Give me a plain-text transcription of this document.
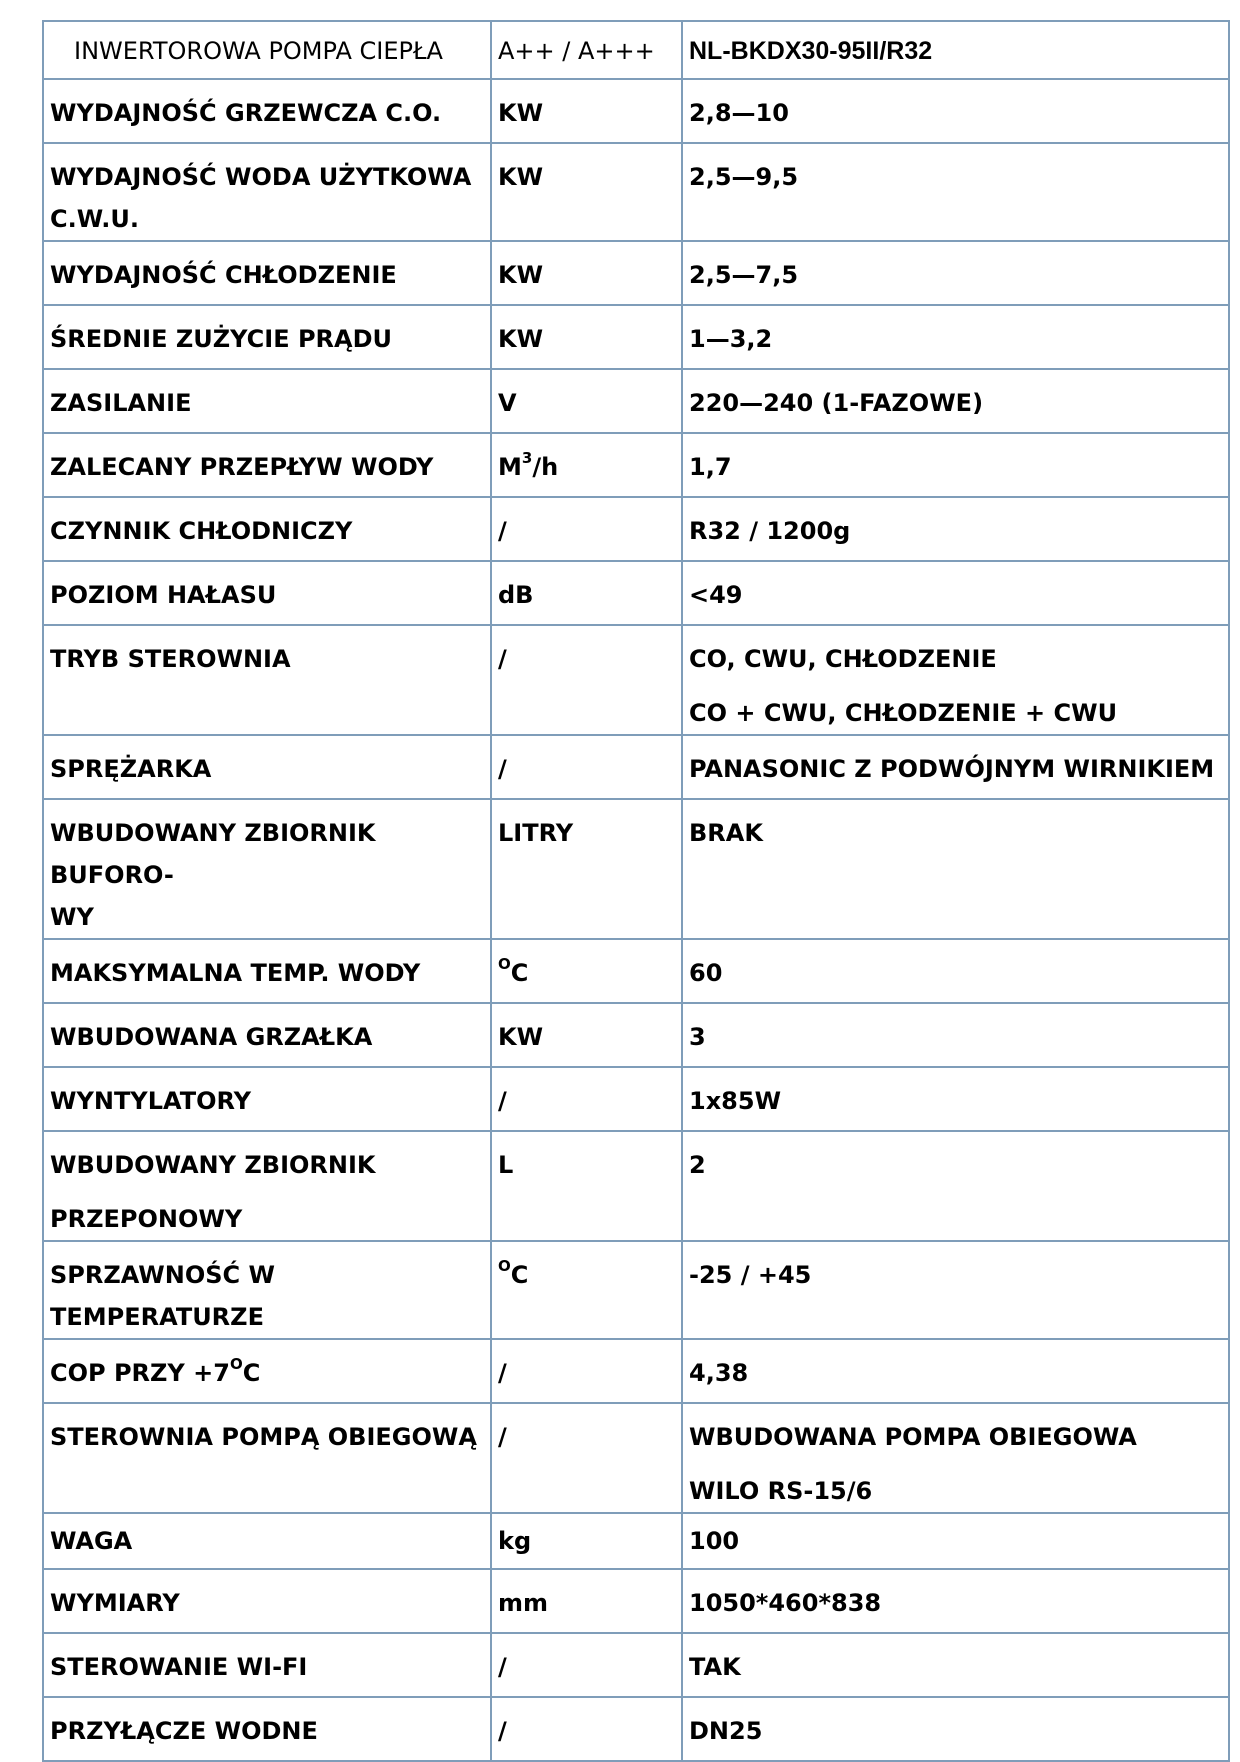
INWERTOROWA POMPA CIEPŁA	A++ / A+++	NL-BKDX30-95II/R32
WYDAJNOŚĆ GRZEWCZA C.O.	KW	2,8—10

WYDAJNOŚĆ WODA UŻYTKOWA
C.W.U.	KW	2,5—9,5
WYDAJNOŚĆ CHŁODZENIE	KW	2,5—7,5
ŚREDNIE ZUŻYCIE PRĄDU	KW	1—3,2
ZASILANIE	V	220—240 (1-FAZOWE)
ZALECANY PRZEPŁYW WODY	$M^3/h$	1,7
CZYNNIK CHŁODNICZY	/	R32 / 1200g
POZIOM HAŁASU	dB	<49
TRYB STEROWNIA	/	CO, CWU, CHŁODZENIE
CO + CWU, CHŁODZENIE + CWU

SPRĘŻARKA	/	PANASONIC Z PODWÓJNYM WIRNIKIEM

WBUDOWANY ZBIORNIK BUFORO-
WY	LITRY	BRAK
MAKSYMALNA TEMP. WODY	$^O$C	60
WBUDOWANA GRZAŁKA	KW	3
WYNTYLATORY	/	1x85W

WBUDOWANY ZBIORNIK
PRZEPONOWY	L	2
SPRZAWNOŚĆ W TEMPERATURZE	$^O$C	-25 / +45
COP PRZY $+7^OC$	/	4,38
STEROWNIA POMPĄ OBIEGOWĄ	/	WBUDOWANA POMPA OBIEGOWA
WILO RS-15/6

WAGA	kg	100
WYMIARY	mm	1050*460*838
STEROWANIE WI-FI	/	TAK
PRZYŁĄCZE WODNE	/	DN25
